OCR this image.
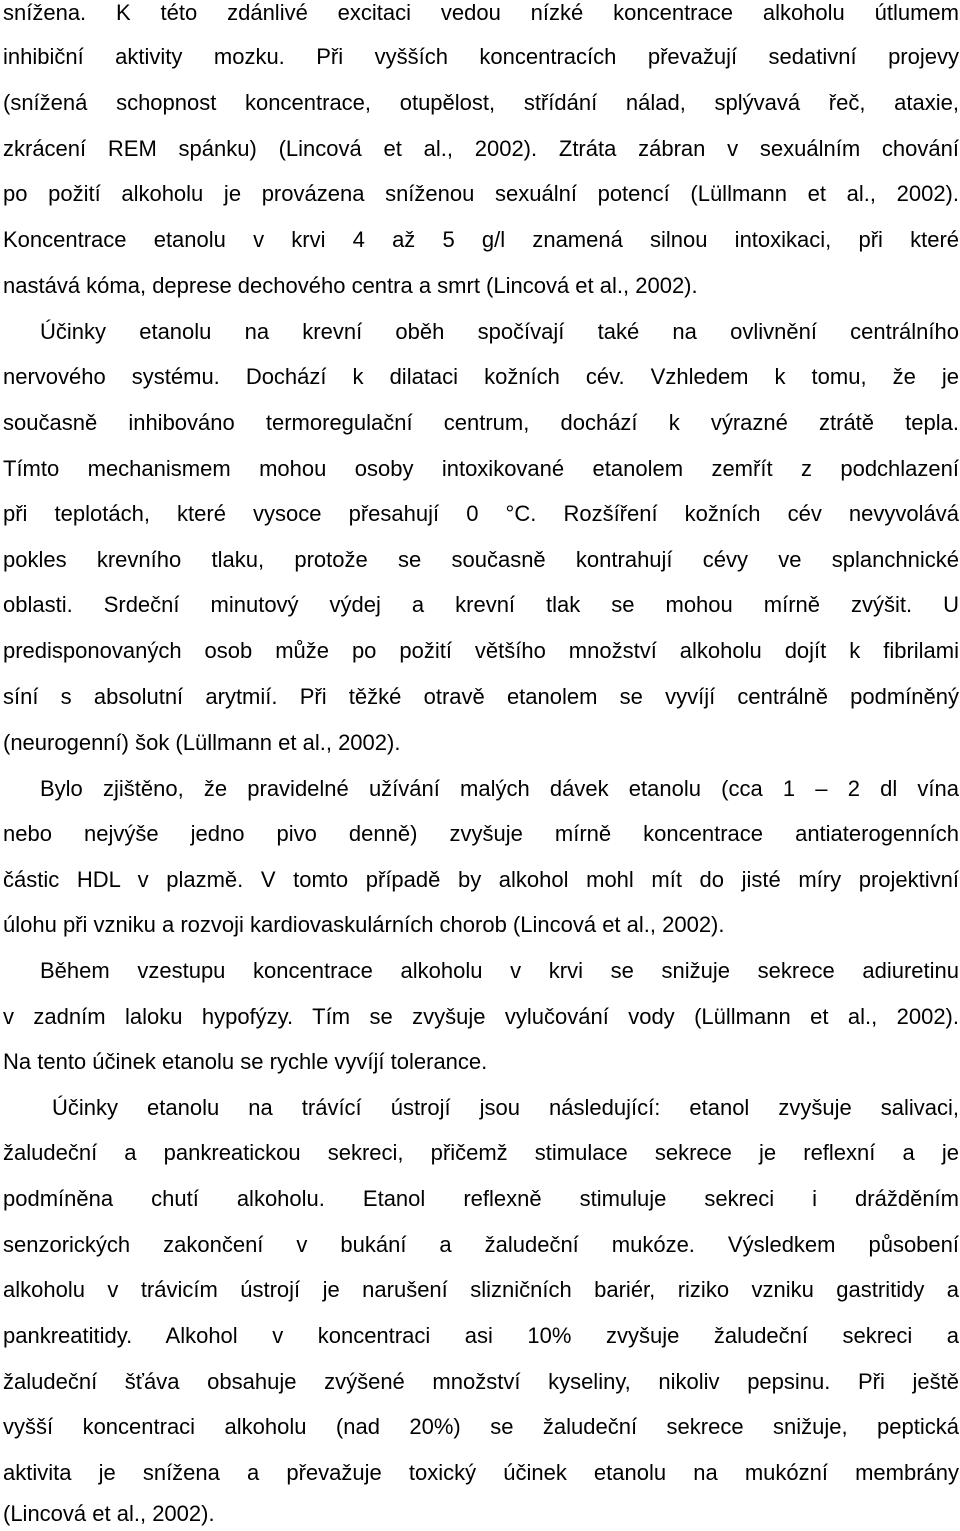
snížena. K této zdánlivé excitaci vedou nízké koncentrace alkoholu útlumem
inhibiční aktivity mozku. Při vyšších koncentracích převažují sedativní projevy
(snížená schopnost koncentrace, otupělost, střídání nálad, splývavá řeč, ataxie,
zkrácení REM spánku) (Lincová et al., 2002). Ztráta zábran v sexuálním chování
po požití alkoholu je provázena sníženou sexuální potencí (Lüllmann et al., 2002).
Koncentrace etanolu v krvi 4 až 5 g/l znamená silnou intoxikaci, při které
nastává kóma, deprese dechového centra a smrt (Lincová et al., 2002).
Účinky etanolu na krevní oběh spočívají také na ovlivnění centrálního
nervového systému. Dochází k dilataci kožních cév. Vzhledem k tomu, že je
současně inhibováno termoregulační centrum, dochází k výrazné ztrátě tepla.
Tímto mechanismem mohou osoby intoxikované etanolem zemřít z podchlazení
při teplotách, které vysoce přesahují 0 °C. Rozšíření kožních cév nevyvolává
pokles krevního tlaku, protože se současně kontrahují cévy ve splanchnické
oblasti. Srdeční minutový výdej a krevní tlak se mohou mírně zvýšit. U
predisponovaných osob může po požití většího množství alkoholu dojít k fibrilami
síní s absolutní arytmií. Při těžké otravě etanolem se vyvíjí centrálně podmíněný
(neurogenní) šok (Lüllmann et al., 2002).
Bylo zjištěno, že pravidelné užívání malých dávek etanolu (cca 1 – 2 dl vína
nebo nejvýše jedno pivo denně) zvyšuje mírně koncentrace antiaterogenních
částic HDL v plazmě. V tomto případě by alkohol mohl mít do jisté míry projektivní
úlohu při vzniku a rozvoji kardiovaskulárních chorob (Lincová et al., 2002).
Během vzestupu koncentrace alkoholu v krvi se snižuje sekrece adiuretinu
v zadním laloku hypofýzy. Tím se zvyšuje vylučování vody (Lüllmann et al., 2002).
Na tento účinek etanolu se rychle vyvíjí tolerance.
Účinky etanolu na trávící ústrojí jsou následující: etanol zvyšuje salivaci,
žaludeční a pankreatickou sekreci, přičemž stimulace sekrece je reflexní a je
podmíněna chutí alkoholu. Etanol reflexně stimuluje sekreci i drážděním
senzorických zakončení v bukání a žaludeční mukóze. Výsledkem působení
alkoholu v trávicím ústrojí je narušení slizničních bariér, riziko vzniku gastritidy a
pankreatitidy. Alkohol v koncentraci asi 10% zvyšuje žaludeční sekreci a
žaludeční šťáva obsahuje zvýšené množství kyseliny, nikoliv pepsinu. Při ještě
vyšší koncentraci alkoholu (nad 20%) se žaludeční sekrece snižuje, peptická
aktivita je snížena a převažuje toxický účinek etanolu na mukózní membrány
(Lincová et al., 2002).
